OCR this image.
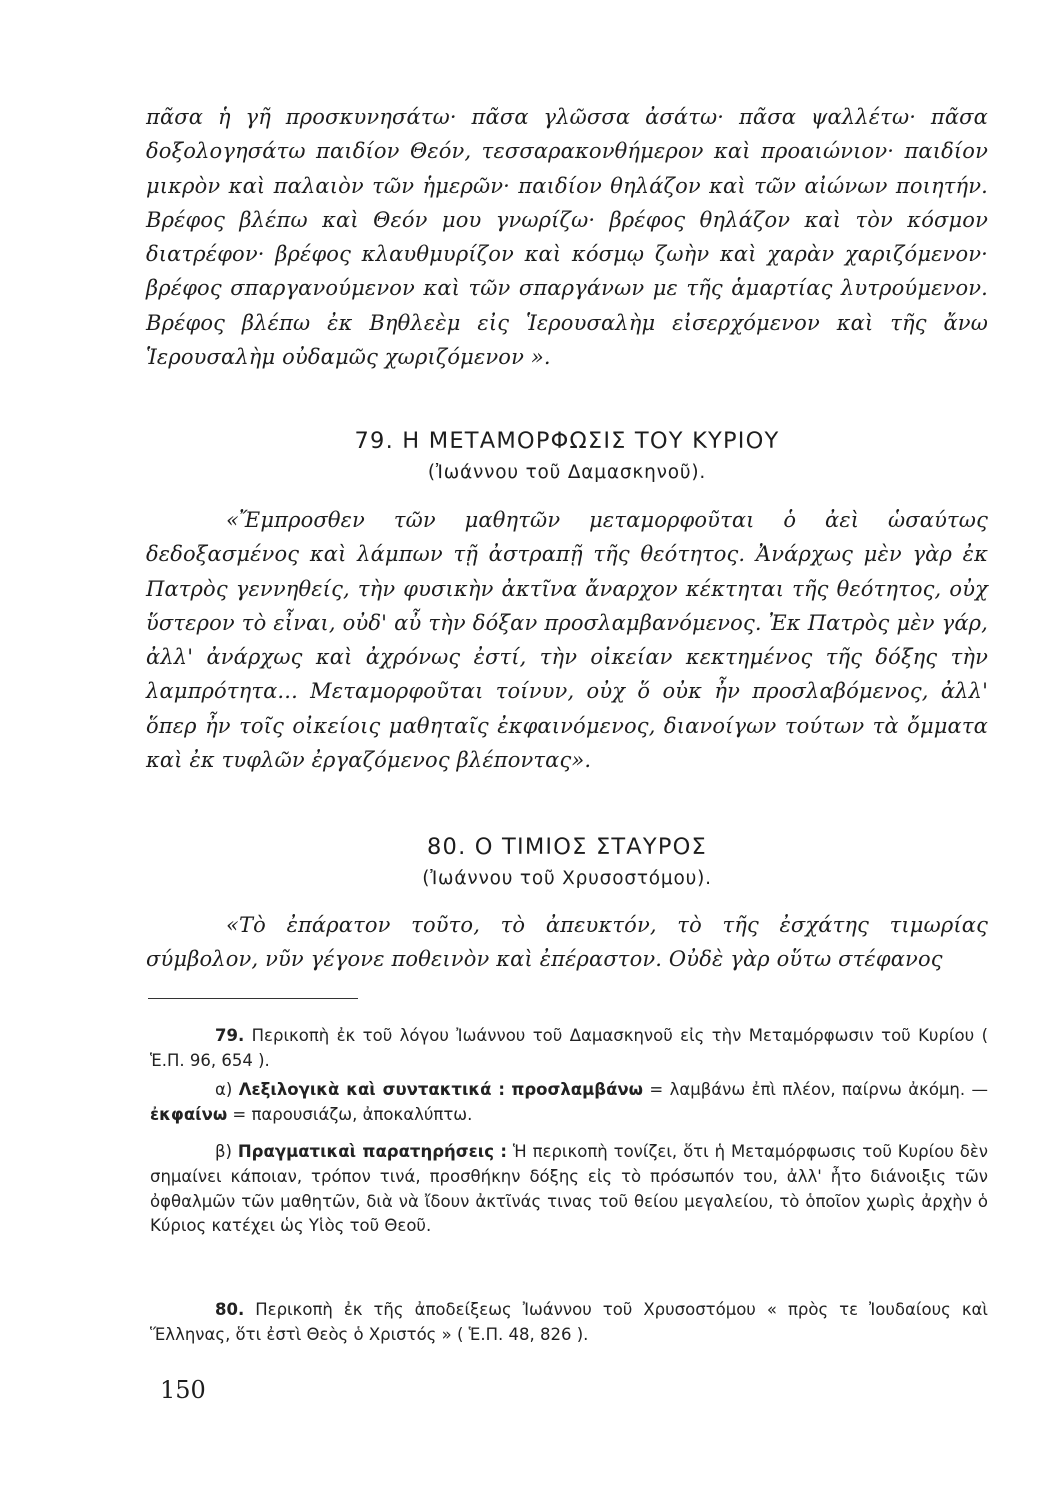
πᾶσα ἡ γῆ προσκυνησάτω· πᾶσα γλῶσσα ἀσάτω· πᾶσα ψαλλέτω· πᾶσα δοξολογησάτω παιδίον Θεόν, τεσσαρακονθήμερον καὶ προαιώνιον· παιδίον μικρὸν καὶ παλαιὸν τῶν ἡμερῶν· παιδίον θηλάζον καὶ τῶν αἰώνων ποιητήν. Βρέφος βλέπω καὶ Θεόν μου γνωρίζω· βρέφος θηλάζον καὶ τὸν κόσμον διατρέφον· βρέφος κλαυθμυρίζον καὶ κόσμῳ ζωὴν καὶ χαρὰν χαριζόμενον· βρέφος σπαργανούμενον καὶ τῶν σπαργάνων με τῆς ἁμαρτίας λυτρούμενον. Βρέφος βλέπω ἐκ Βηθλεὲμ εἰς Ἱερουσαλὴμ εἰσερχόμενον καὶ τῆς ἄνω Ἱερουσαλὴμ οὐδαμῶς χωριζόμενον ».

79. Η ΜΕΤΑΜΟΡΦΩΣΙΣ ΤΟΥ ΚΥΡΙΟΥ

(Ἰωάννου τοῦ Δαμασκηνοῦ).

«Ἔμπροσθεν τῶν μαθητῶν μεταμορφοῦται ὁ ἀεὶ ὡσαύτως δεδοξασμένος καὶ λάμπων τῇ ἀστραπῇ τῆς θεότητος. Ἀνάρχως μὲν γὰρ ἐκ Πατρὸς γεννηθείς, τὴν φυσικὴν ἀκτῖνα ἄναρχον κέκτηται τῆς θεότητος, οὐχ ὕστερον τὸ εἶναι, οὐδ' αὖ τὴν δόξαν προσλαμβανόμενος. Ἐκ Πατρὸς μὲν γάρ, ἀλλ' ἀνάρχως καὶ ἀχρόνως ἐστί, τὴν οἰκείαν κεκτημένος τῆς δόξης τὴν λαμπρότητα... Μεταμορφοῦται τοίνυν, οὐχ ὅ οὐκ ἦν προσλαβόμενος, ἀλλ' ὅπερ ἦν τοῖς οἰκείοις μαθηταῖς ἐκφαινόμενος, διανοίγων τούτων τὰ ὄμματα καὶ ἐκ τυφλῶν ἐργαζόμενος βλέποντας».

80. Ο ΤΙΜΙΟΣ ΣΤΑΥΡΟΣ

(Ἰωάννου τοῦ Χρυσοστόμου).

«Τὸ ἐπάρατον τοῦτο, τὸ ἀπευκτόν, τὸ τῆς ἐσχάτης τιμωρίας σύμβολον, νῦν γέγονε ποθεινὸν καὶ ἐπέραστον. Οὐδὲ γὰρ οὕτω στέφανος

79. Περικοπὴ ἐκ τοῦ λόγου Ἰωάννου τοῦ Δαμασκηνοῦ εἰς τὴν Μεταμόρφωσιν τοῦ Κυρίου ( Ἑ.Π. 96, 654 ).

α) Λεξιλογικὰ καὶ συντακτικά : προσλαμβάνω = λαμβάνω ἐπὶ πλέον, παίρνω ἀκόμη. — ἐκφαίνω = παρουσιάζω, ἀποκαλύπτω.

β) Πραγματικαὶ παρατηρήσεις : Ἡ περικοπὴ τονίζει, ὅτι ἡ Μεταμόρφωσις τοῦ Κυρίου δὲν σημαίνει κάποιαν, τρόπον τινά, προσθήκην δόξης εἰς τὸ πρόσωπόν του, ἀλλ' ἦτο διάνοιξις τῶν ὀφθαλμῶν τῶν μαθητῶν, διὰ νὰ ἴδουν ἀκτῖνάς τινας τοῦ θείου μεγαλείου, τὸ ὁποῖον χωρὶς ἀρχὴν ὁ Κύριος κατέχει ὡς Υἱὸς τοῦ Θεοῦ.

80. Περικοπὴ ἐκ τῆς ἀποδείξεως Ἰωάννου τοῦ Χρυσοστόμου « πρὸς τε Ἰουδαίους καὶ Ἕλληνας, ὅτι ἐστὶ Θεὸς ὁ Χριστός » ( Ἑ.Π. 48, 826 ).

150
